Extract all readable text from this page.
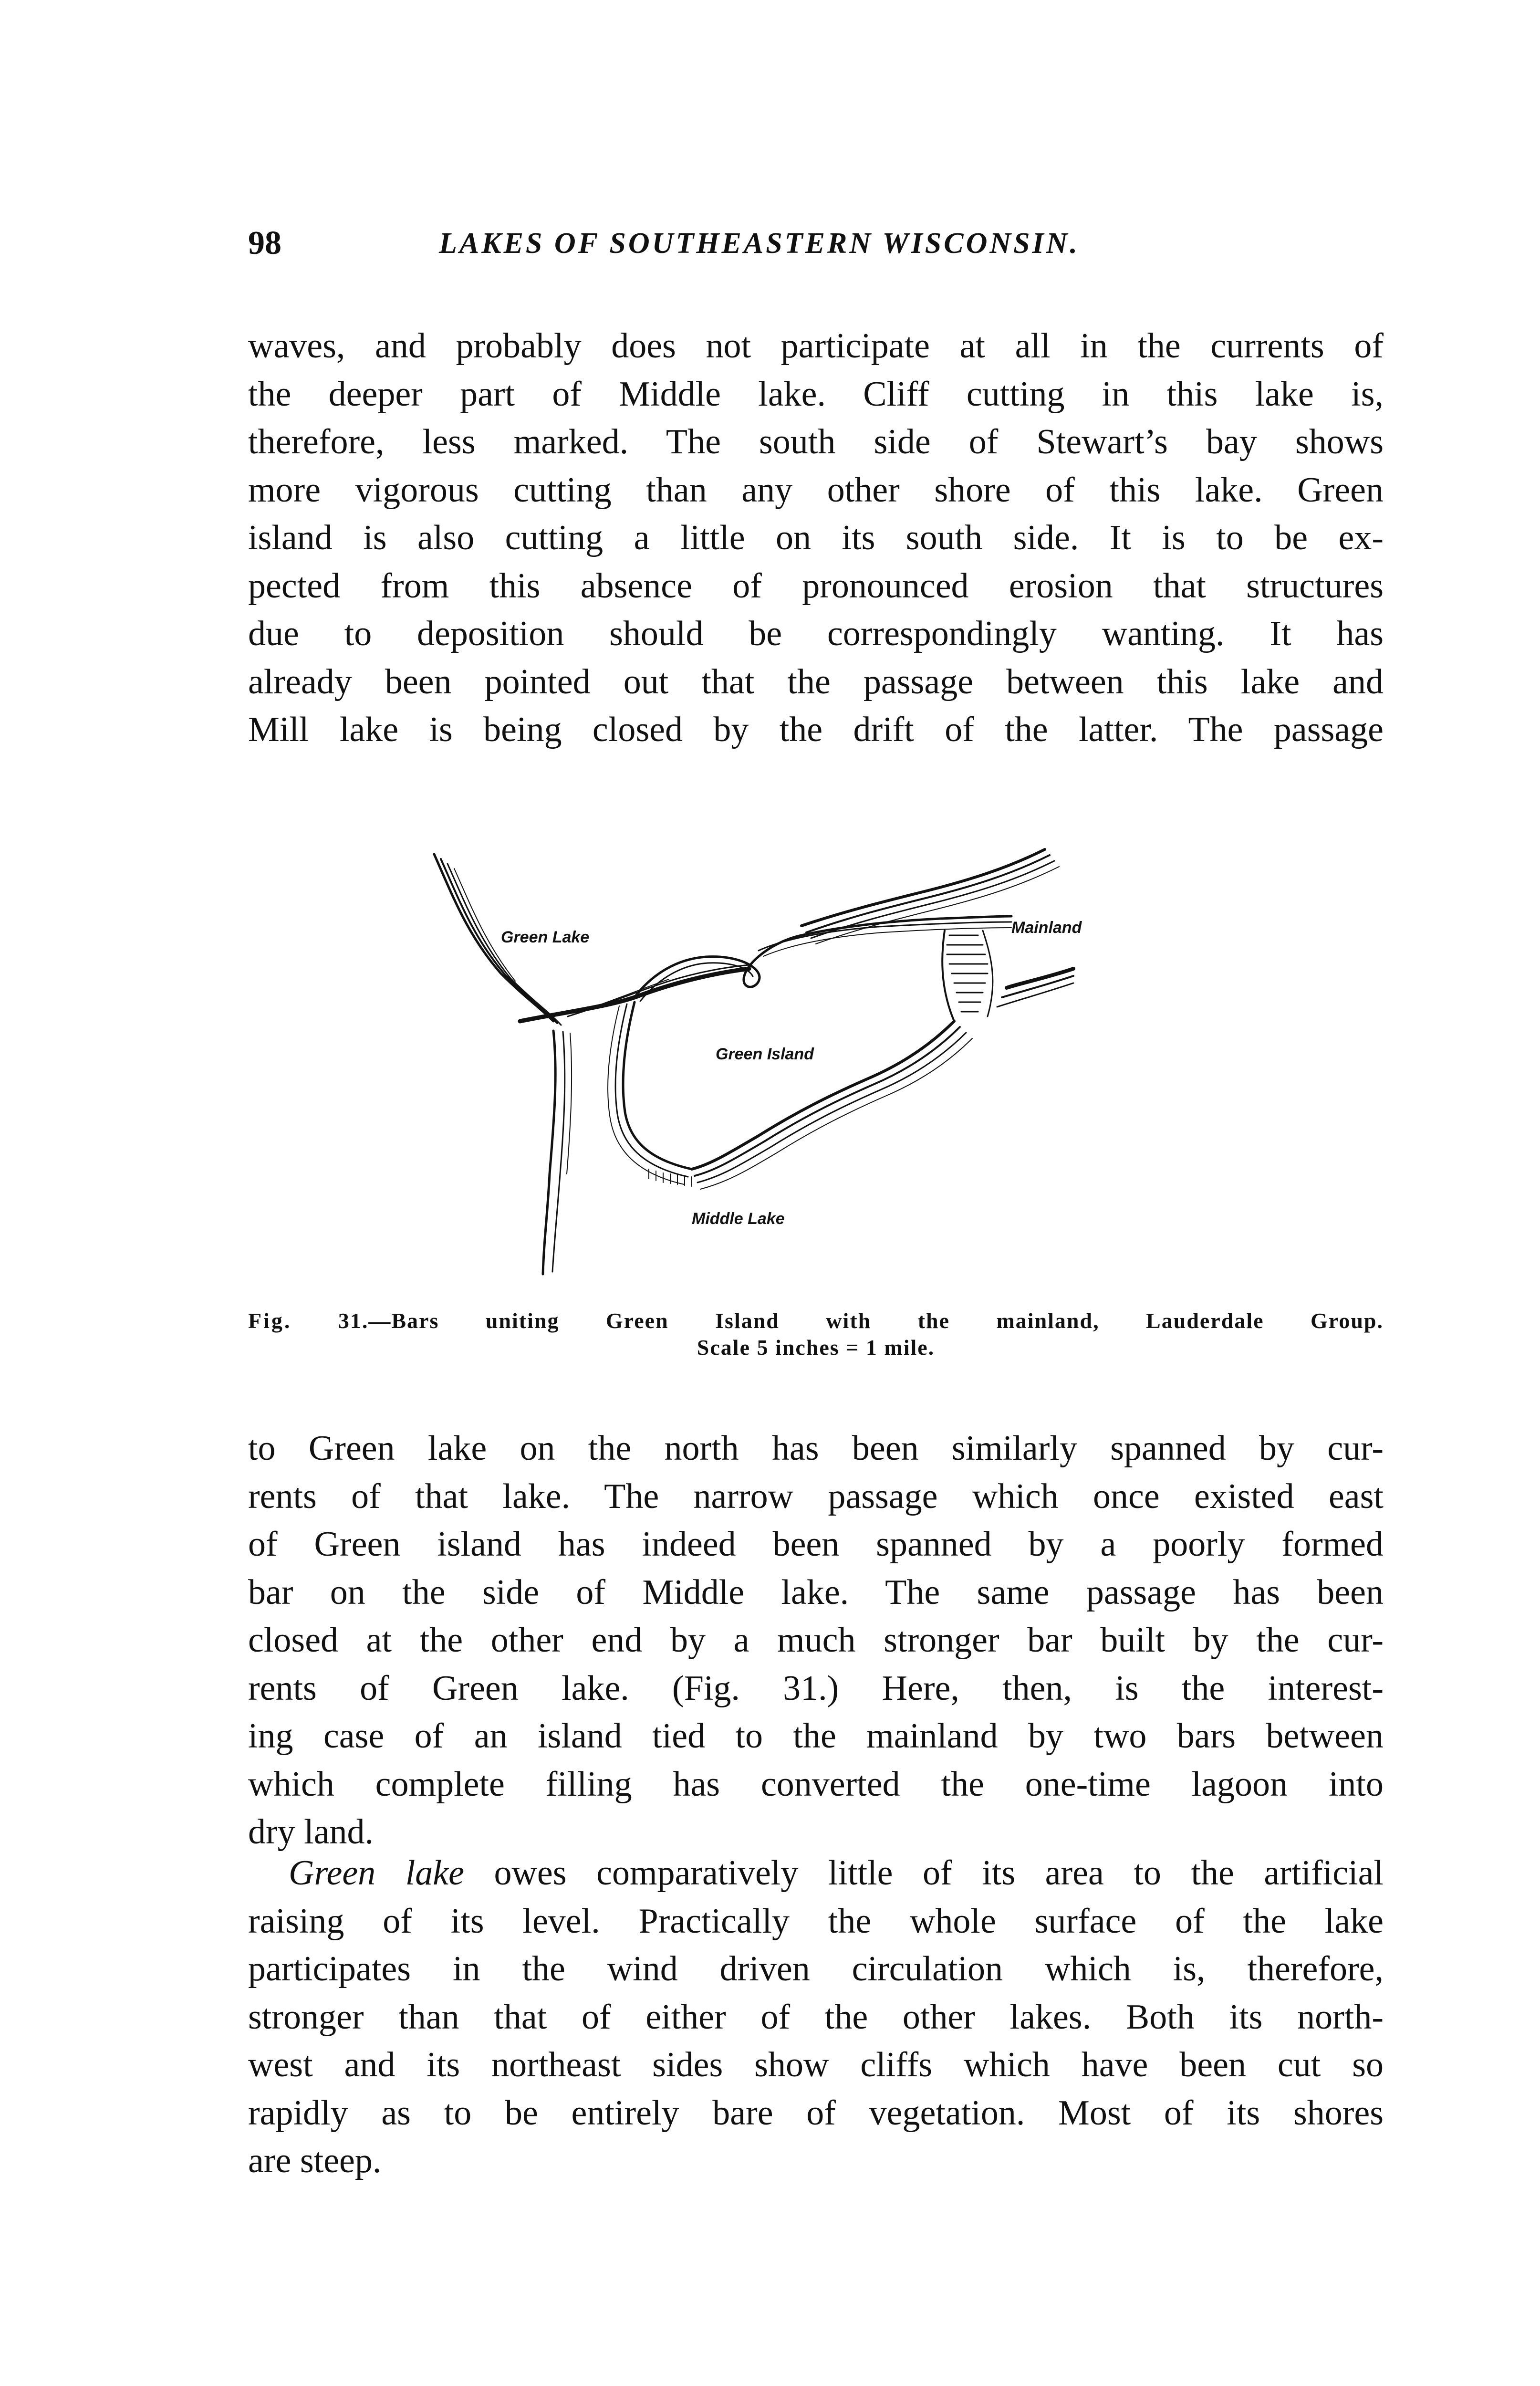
98	LAKES OF SOUTHEASTERN WISCONSIN.
waves, and probably does not participate at all in the currents of
the deeper part of Middle lake. Cliff cutting in this lake is,
therefore, less marked. The south side of Stewart’s bay shows
more vigorous cutting than any other shore of this lake. Green
island is also cutting a little on its south side. It is to be ex-
pected from this absence of pronounced erosion that structures
due to deposition should be correspondingly wanting. It has
already been pointed out that the passage between this lake and
Mill lake is being closed by the drift of the latter. The passage
Green Lake
Mainland
Green Island
Middle Lake
Fig. 31.—Bars uniting Green Island with the mainland, Lauderdale Group.
Scale 5 inches = 1 mile.
to Green lake on the north has been similarly spanned by cur-
rents of that lake. The narrow passage which once existed east
of Green island has indeed been spanned by a poorly formed
bar on the side of Middle lake. The same passage has been
closed at the other end by a much stronger bar built by the cur-
rents of Green lake. (Fig. 31.) Here, then, is the interest-
ing case of an island tied to the mainland by two bars between
which complete filling has converted the one-time lagoon into
dry land.
Green lake owes comparatively little of its area to the artificial
raising of its level. Practically the whole surface of the lake
participates in the wind driven circulation which is, therefore,
stronger than that of either of the other lakes. Both its north-
west and its northeast sides show cliffs which have been cut so
rapidly as to be entirely bare of vegetation. Most of its shores
are steep.
